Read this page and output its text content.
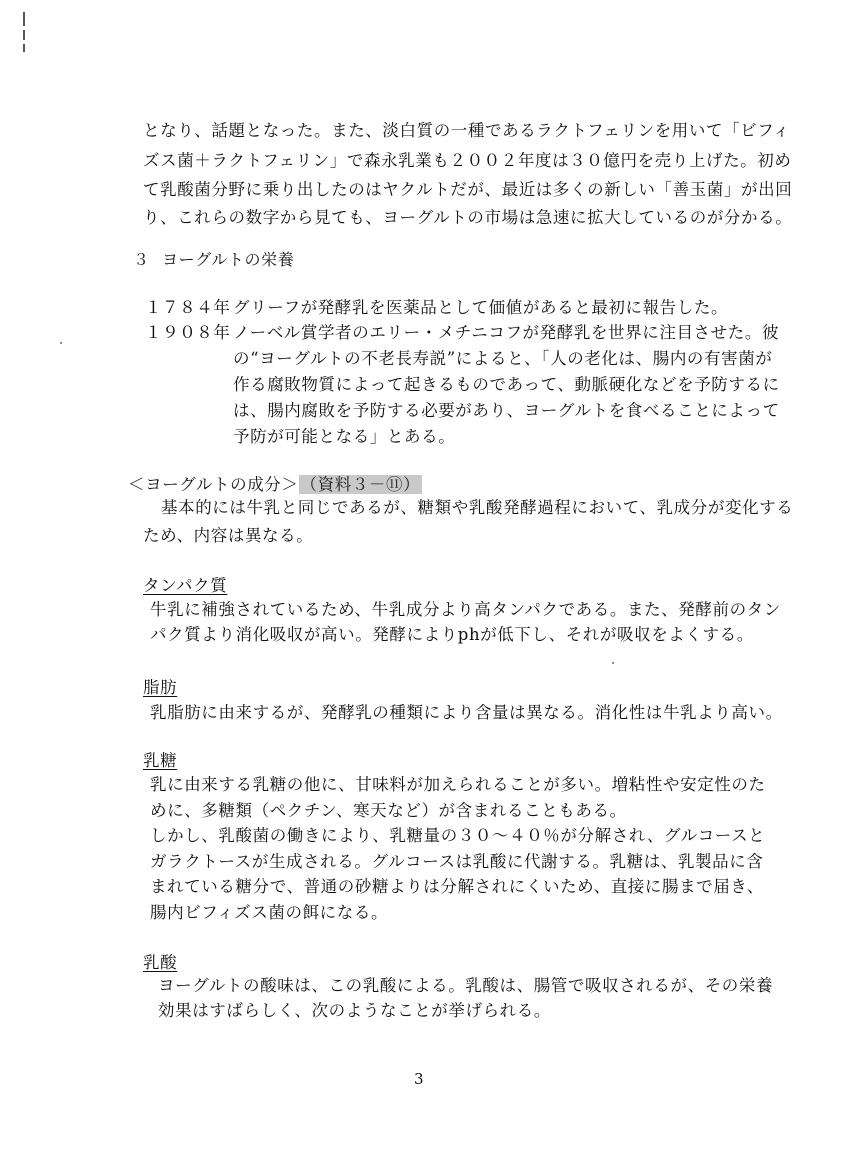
となり、話題となった。また、淡白質の一種であるラクトフェリンを用いて「ビフィ
ズス菌＋ラクトフェリン」で森永乳業も２００２年度は３０億円を売り上げた。初め
て乳酸菌分野に乗り出したのはヤクルトだが、最近は多くの新しい「善玉菌」が出回
り、これらの数字から見ても、ヨーグルトの市場は急速に拡大しているのが分かる。
３ ヨーグルトの栄養
１７８４年 グリーフが発酵乳を医薬品として価値があると最初に報告した。
１９０８年 ノーベル賞学者のエリー・メチニコフが発酵乳を世界に注目させた。彼
の“ヨーグルトの不老長寿説”によると、「人の老化は、腸内の有害菌が
作る腐敗物質によって起きるものであって、動脈硬化などを予防するに
は、腸内腐敗を予防する必要があり、ヨーグルトを食べることによって
予防が可能となる」とある。
＜ヨーグルトの成分＞ （資料３－⑪）
基本的には牛乳と同じであるが、糖類や乳酸発酵過程において、乳成分が変化する
ため、内容は異なる。
タンパク質
牛乳に補強されているため、牛乳成分より高タンパクである。また、発酵前のタン
パク質より消化吸収が高い。発酵によりphが低下し、それが吸収をよくする。
脂肪
乳脂肪に由来するが、発酵乳の種類により含量は異なる。消化性は牛乳より高い。
乳糖
乳に由来する乳糖の他に、甘味料が加えられることが多い。増粘性や安定性のた
めに、多糖類（ペクチン、寒天など）が含まれることもある。
しかし、乳酸菌の働きにより、乳糖量の３０～４０％が分解され、グルコースと
ガラクトースが生成される。グルコースは乳酸に代謝する。乳糖は、乳製品に含
まれている糖分で、普通の砂糖よりは分解されにくいため、直接に腸まで届き、
腸内ビフィズス菌の餌になる。
乳酸
ヨーグルトの酸味は、この乳酸による。乳酸は、腸管で吸収されるが、その栄養
効果はすばらしく、次のようなことが挙げられる。
3
